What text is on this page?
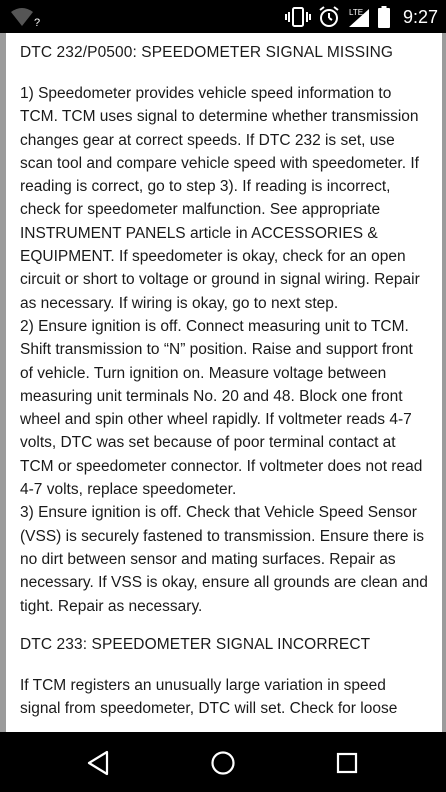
?
LTE 9:27
DTC 232/P0500: SPEEDOMETER SIGNAL MISSING

1) Speedometer provides vehicle speed information to TCM. TCM uses signal to determine whether transmission changes gear at correct speeds. If DTC 232 is set, use scan tool and compare vehicle speed with speedometer. If reading is correct, go to step 3). If reading is incorrect, check for speedometer malfunction. See appropriate

INSTRUMENT PANELS article in ACCESSORIES & EQUIPMENT. If speedometer is okay, check for an open circuit or short to voltage or ground in signal wiring. Repair as necessary. If wiring is okay, go to next step.

2) Ensure ignition is off. Connect measuring unit to TCM. Shift transmission to “N” position. Raise and support front of vehicle. Turn ignition on. Measure voltage between measuring unit terminals No. 20 and 48. Block one front wheel and spin other wheel rapidly. If voltmeter reads 4-7 volts, DTC was set because of poor terminal contact at TCM or speedometer connector. If voltmeter does not read 4-7 volts, replace speedometer.

3) Ensure ignition is off. Check that Vehicle Speed Sensor (VSS) is securely fastened to transmission. Ensure there is no dirt between sensor and mating surfaces. Repair as necessary. If VSS is okay, ensure all grounds are clean and tight. Repair as necessary.

DTC 233: SPEEDOMETER SIGNAL INCORRECT

If TCM registers an unusually large variation in speed signal from speedometer, DTC will set. Check for loose
